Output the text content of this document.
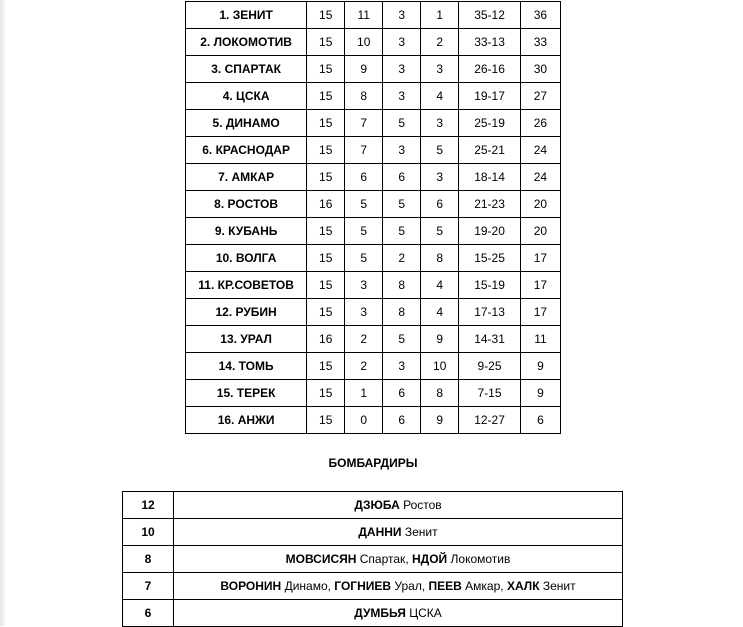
1. ЗЕНИТ	15	11	3	1	35-12	36
2. ЛОКОМОТИВ	15	10	3	2	33-13	33
3. СПАРТАК	15	9	3	3	26-16	30
4. ЦСКА	15	8	3	4	19-17	27
5. ДИНАМО	15	7	5	3	25-19	26
6. КРАСНОДАР	15	7	3	5	25-21	24
7. АМКАР	15	6	6	3	18-14	24
8. РОСТОВ	16	5	5	6	21-23	20
9. КУБАНЬ	15	5	5	5	19-20	20
10. ВОЛГА	15	5	2	8	15-25	17
11. КР.СОВЕТОВ	15	3	8	4	15-19	17
12. РУБИН	15	3	8	4	17-13	17
13. УРАЛ	16	2	5	9	14-31	11
14. ТОМЬ	15	2	3	10	9-25	9
15. ТЕРЕК	15	1	6	8	7-15	9
16. АНЖИ	15	0	6	9	12-27	6
БОМБАРДИРЫ
12	ДЗЮБА Ростов
10	ДАННИ Зенит
8	МОВСИСЯН Спартак, НДОЙ Локомотив
7	ВОРОНИН Динамо, ГОГНИЕВ Урал, ПЕЕВ Амкар, ХАЛК Зенит
6	ДУМБЬЯ ЦСКА
